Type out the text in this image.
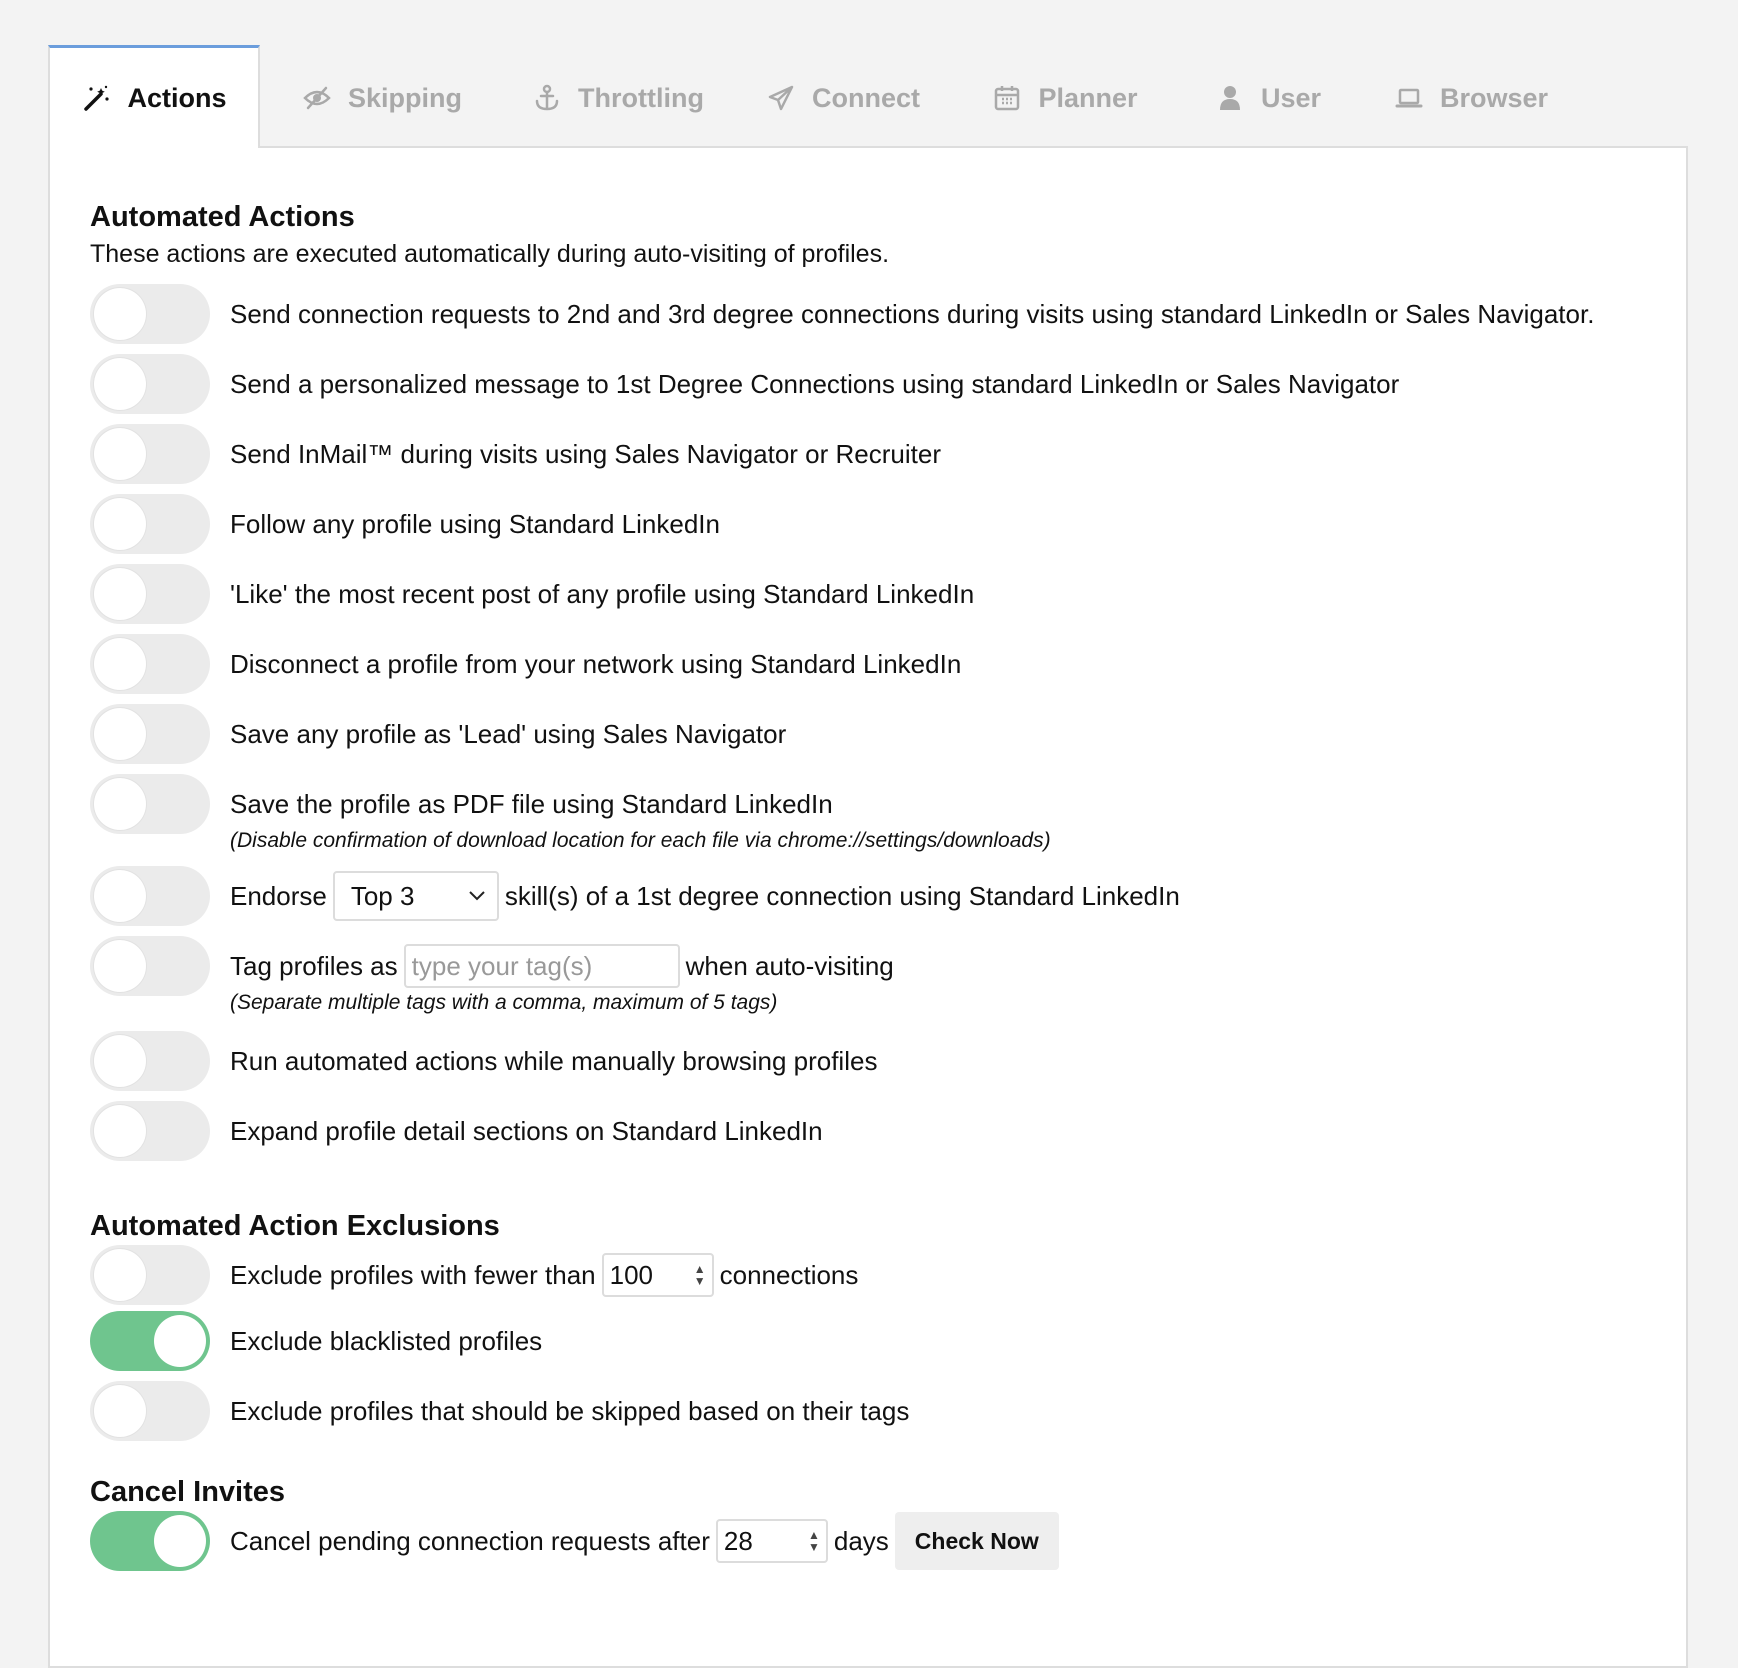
Actions	Skipping	Throttling	Connect	Planner	User	Browser
Automated Actions

These actions are executed automatically during auto-visiting of profiles.

Send connection requests to 2nd and 3rd degree connections during visits using standard LinkedIn or Sales Navigator.
Send a personalized message to 1st Degree Connections using standard LinkedIn or Sales Navigator
Send InMail™ during visits using Sales Navigator or Recruiter
Follow any profile using Standard LinkedIn
'Like' the most recent post of any profile using Standard LinkedIn
Disconnect a profile from your network using Standard LinkedIn
Save any profile as 'Lead' using Sales Navigator
Save the profile as PDF file using Standard LinkedIn
(Disable confirmation of download location for each file via chrome://settings/downloads)
Endorse Top 3	skill(s) of a 1st degree connection using Standard LinkedIn
Tag profiles as
type your tag(s)	when auto-visiting
(Separate multiple tags with a comma, maximum of 5 tags)
Run automated actions while manually browsing profiles
Expand profile detail sections on Standard LinkedIn
Automated Action Exclusions
Exclude profiles with fewer than 100	▲
▼ connections
Exclude blacklisted profiles
Exclude profiles that should be skipped based on their tags
Cancel Invites
Cancel pending connection requests after 28	▲
▼ days	Check Now
